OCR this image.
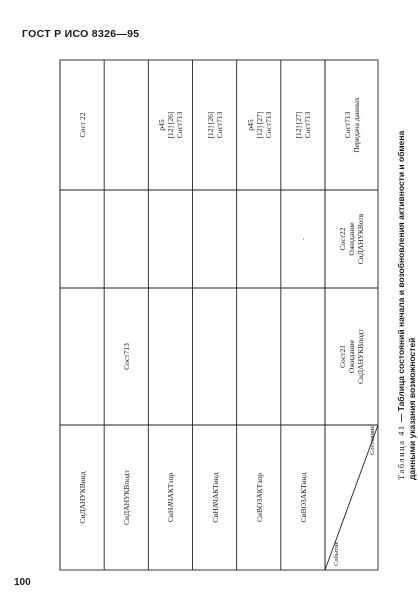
ГОСТ Р ИСО 8326—95
Таблица 41 — Таблица состояний начала и возобновления активности и обмена данными указания возможностей
Состояние
Событие
Сост21 Ожидание СиДАНУКВподт
Сост22 Ожидание СиДАНУКВотв
Сост713 Передача данных
СиВОЗАКТинд
·
[12] [27] Сост713
СиВОЗАКТзпр
p45 [12] [27] Сост713
СиНАЧАКТинд
[12] [26] Сост713
СиНАЧАКТзпр
p45 [12] [26] Сост713
СиДАНУКВподт
Сост713
СиДАНУКВинд
Сост 22
100
